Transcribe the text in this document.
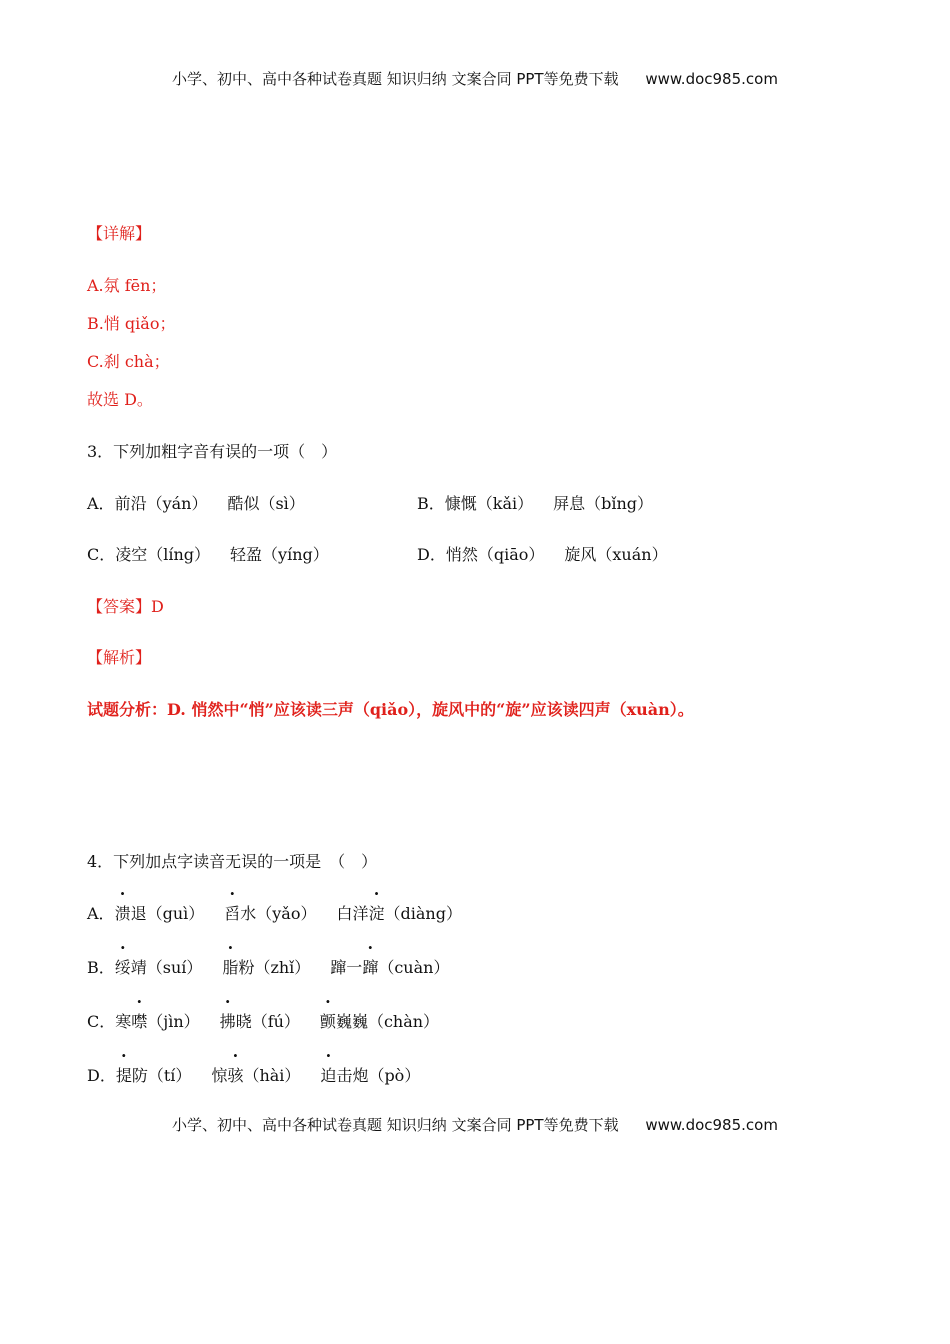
小学、初中、高中各种试卷真题 知识归纳 文案合同 PPT等免费下载 www.doc985.com
【详解】
A.氛 fēn；
B.悄 qiǎo；
C.刹 chà；
故选 D。
3．下列加粗字音有误的一项（　）
A．前沿（yán） 酷似（sì）	B．慷慨（kǎi） 屏息（bǐng）
C．凌空（líng） 轻盈（yíng）	D．悄然（qiāo） 旋风（xuán）
【答案】D
【解析】
试题分析：D. 悄然中“悄”应该读三声（qiǎo），旋风中的“旋”应该读四声（xuàn）。
4．下列加点字读音无误的一项是　（　）
A．溃退（guì） 舀水（yǎo） 白洋淀（diàng）
B．绥靖（suí） 脂粉（zhǐ） 蹿一蹿（cuàn）
C．寒噤（jìn） 拂晓（fú） 颤巍巍（chàn）
D．提防（tí） 惊骇（hài） 迫击炮（pò）
小学、初中、高中各种试卷真题 知识归纳 文案合同 PPT等免费下载 www.doc985.com
